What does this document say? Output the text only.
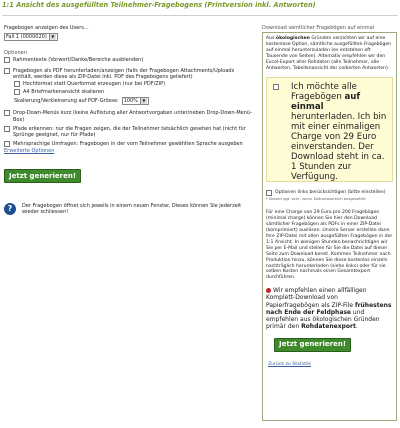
1:1 Ansicht des ausgefüllten Teilnehmer-Fragebogens (Printversion inkl. Antworten)
Fragebogen anzeigen des Users...
Fall 1 (0000020) ▼
Optionen
Rahmentexte (Vorwort/Danke/Bereiche ausblenden)
Fragebogen als PDF herunterladen/anzeigen (falls der Fragebogen Attachments/Uploads enthält, werden diese als ZIP-Datei inkl. PDF des Fragebogens geliefert)
Hochformat statt Querformat erzeugen (nur bei PDF/ZIP)
A4 Briefmarkenansicht skalieren
Skalierung/Verkleinerung auf PDF-Grösse:	100% ▼
Drop-Down-Menüs kurz (keine Auflistung aller Antwortvorgaben unter/neben Drop-Down-Menü-Box)
Pfade erkennen: nur die Fragen zeigen, die der Teilnehmer tatsächlich gesehen hat (nicht für Sprünge geeignet, nur für Pfade)
Mehrsprachige Umfragen: Fragebogen in der vom Teilnehmer gewählten Sprache ausgeben
Erweiterte Optionen
Jetzt generieren!
?	Der Fragebogen öffnet sich jeweils in einem neuen Fenster. Dieses können Sie jederzeit wieder schliessen!
Download sämtlicher Fragebögen auf einmal

Aus ökologischen Gründen verzichten wir auf eine kostenlose Option, sämtliche ausgefüllten Fragebögen auf einmal herunterzuladen (es entstehen oft Tausende von Seiten). Alternativ empfehlen wir den Excel-Export aller Rohdaten (alle Teilnehmer, alle Antworten, Tabellenansicht der codierten Antworten).

Ich möchte alle Fragebögen auf einmal herunterladen. Ich bin mit einer einmaligen Charge von 29 Euro einverstanden. Der Download steht in ca. 1 Stunden zur Verfügung.
Optionen links berücksichtigen (bitte einstellen)
* Kosten ggf. sehr, wenn Datumsbereich ausgewählt

Für eine Charge von 29 Euro pro 200 Fragebögen (minimal charge) können Sie hier den Download sämtlicher Fragebögen als PDFs in einer ZIP-Datei (komprimiert) auslösen. Unsere Server erstellen dann Ihre ZIP-Datei mit allen ausgefüllten Fragebögen in der 1:1 Ansicht. In wenigen Stunden benachrichtigen wir Sie per E-Mail und stellen für Sie die Datei auf dieser Seite zum Download bereit. Kommen Teilnehmer nach Produktion hinzu, können Sie diese kostenlos einzeln nachträglich herunterladen (siehe links) oder für sie selben Kosten nochmals einen Gesamtexport durchführen.

Wir empfehlen einen allfälligen Komplett-Download von Papierfragebögen als ZIP-File frühestens nach Ende der Feldphase und empfehlen aus ökologischen Gründen primär den Rohdatenexport.
Jetzt generieren!
Zurück zu Statistik
